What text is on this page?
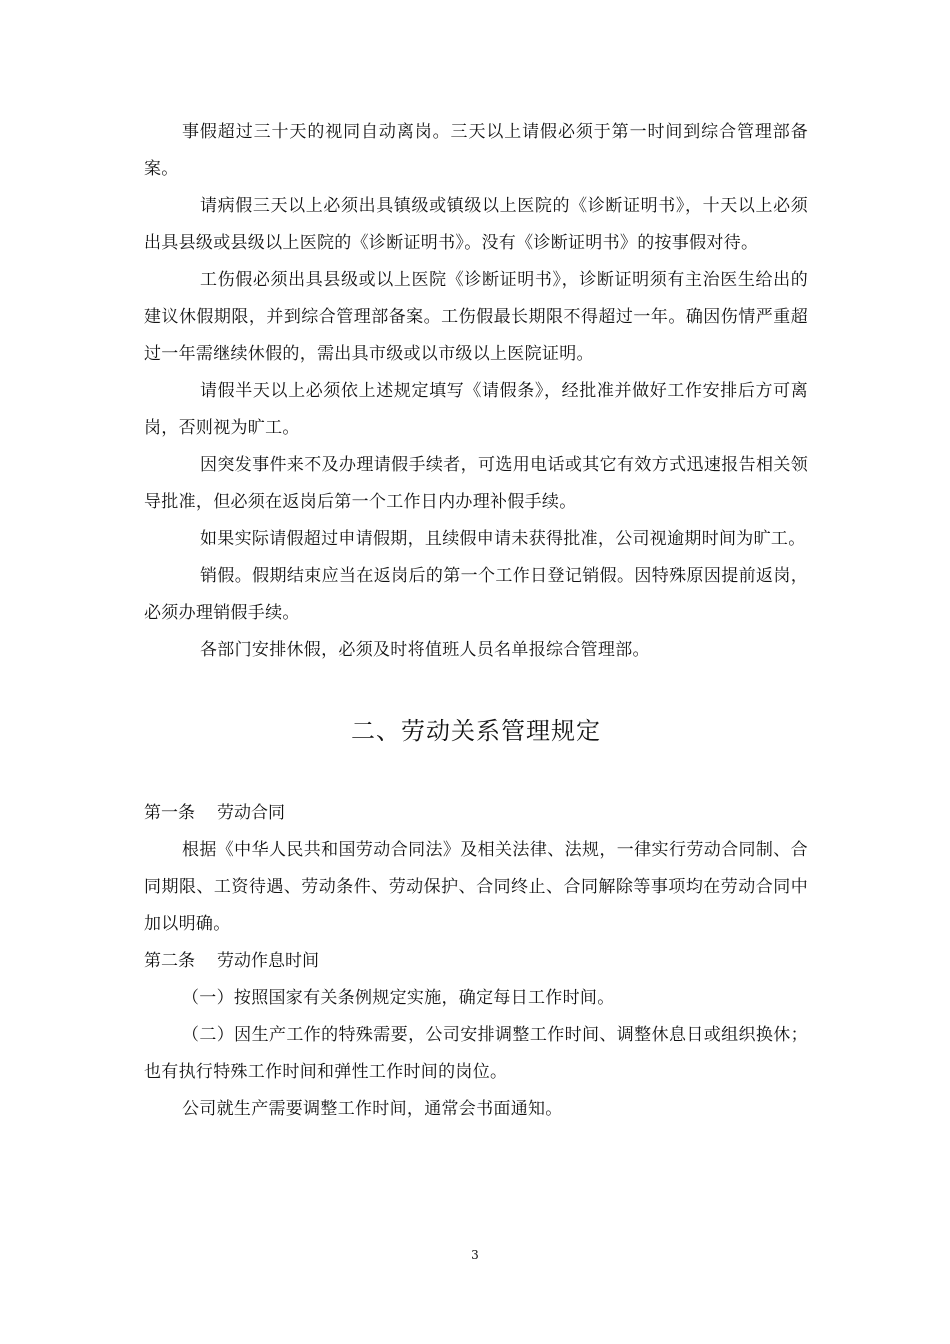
事假超过三十天的视同自动离岗。三天以上请假必须于第一时间到综合管理部备案。

请病假三天以上必须出具镇级或镇级以上医院的《诊断证明书》，十天以上必须出具县级或县级以上医院的《诊断证明书》。没有《诊断证明书》的按事假对待。

工伤假必须出具县级或以上医院《诊断证明书》，诊断证明须有主治医生给出的建议休假期限，并到综合管理部备案。工伤假最长期限不得超过一年。确因伤情严重超过一年需继续休假的，需出具市级或以市级以上医院证明。

请假半天以上必须依上述规定填写《请假条》，经批准并做好工作安排后方可离岗，否则视为旷工。

因突发事件来不及办理请假手续者，可选用电话或其它有效方式迅速报告相关领导批准，但必须在返岗后第一个工作日内办理补假手续。

如果实际请假超过申请假期，且续假申请未获得批准，公司视逾期时间为旷工。

销假。假期结束应当在返岗后的第一个工作日登记销假。因特殊原因提前返岗，必须办理销假手续。

各部门安排休假，必须及时将值班人员名单报综合管理部。

二、劳动关系管理规定

第一条 劳动合同

根据《中华人民共和国劳动合同法》及相关法律、法规，一律实行劳动合同制、合同期限、工资待遇、劳动条件、劳动保护、合同终止、合同解除等事项均在劳动合同中加以明确。

第二条 劳动作息时间

（一）按照国家有关条例规定实施，确定每日工作时间。

（二）因生产工作的特殊需要，公司安排调整工作时间、调整休息日或组织换休；也有执行特殊工作时间和弹性工作时间的岗位。

公司就生产需要调整工作时间，通常会书面通知。

3
